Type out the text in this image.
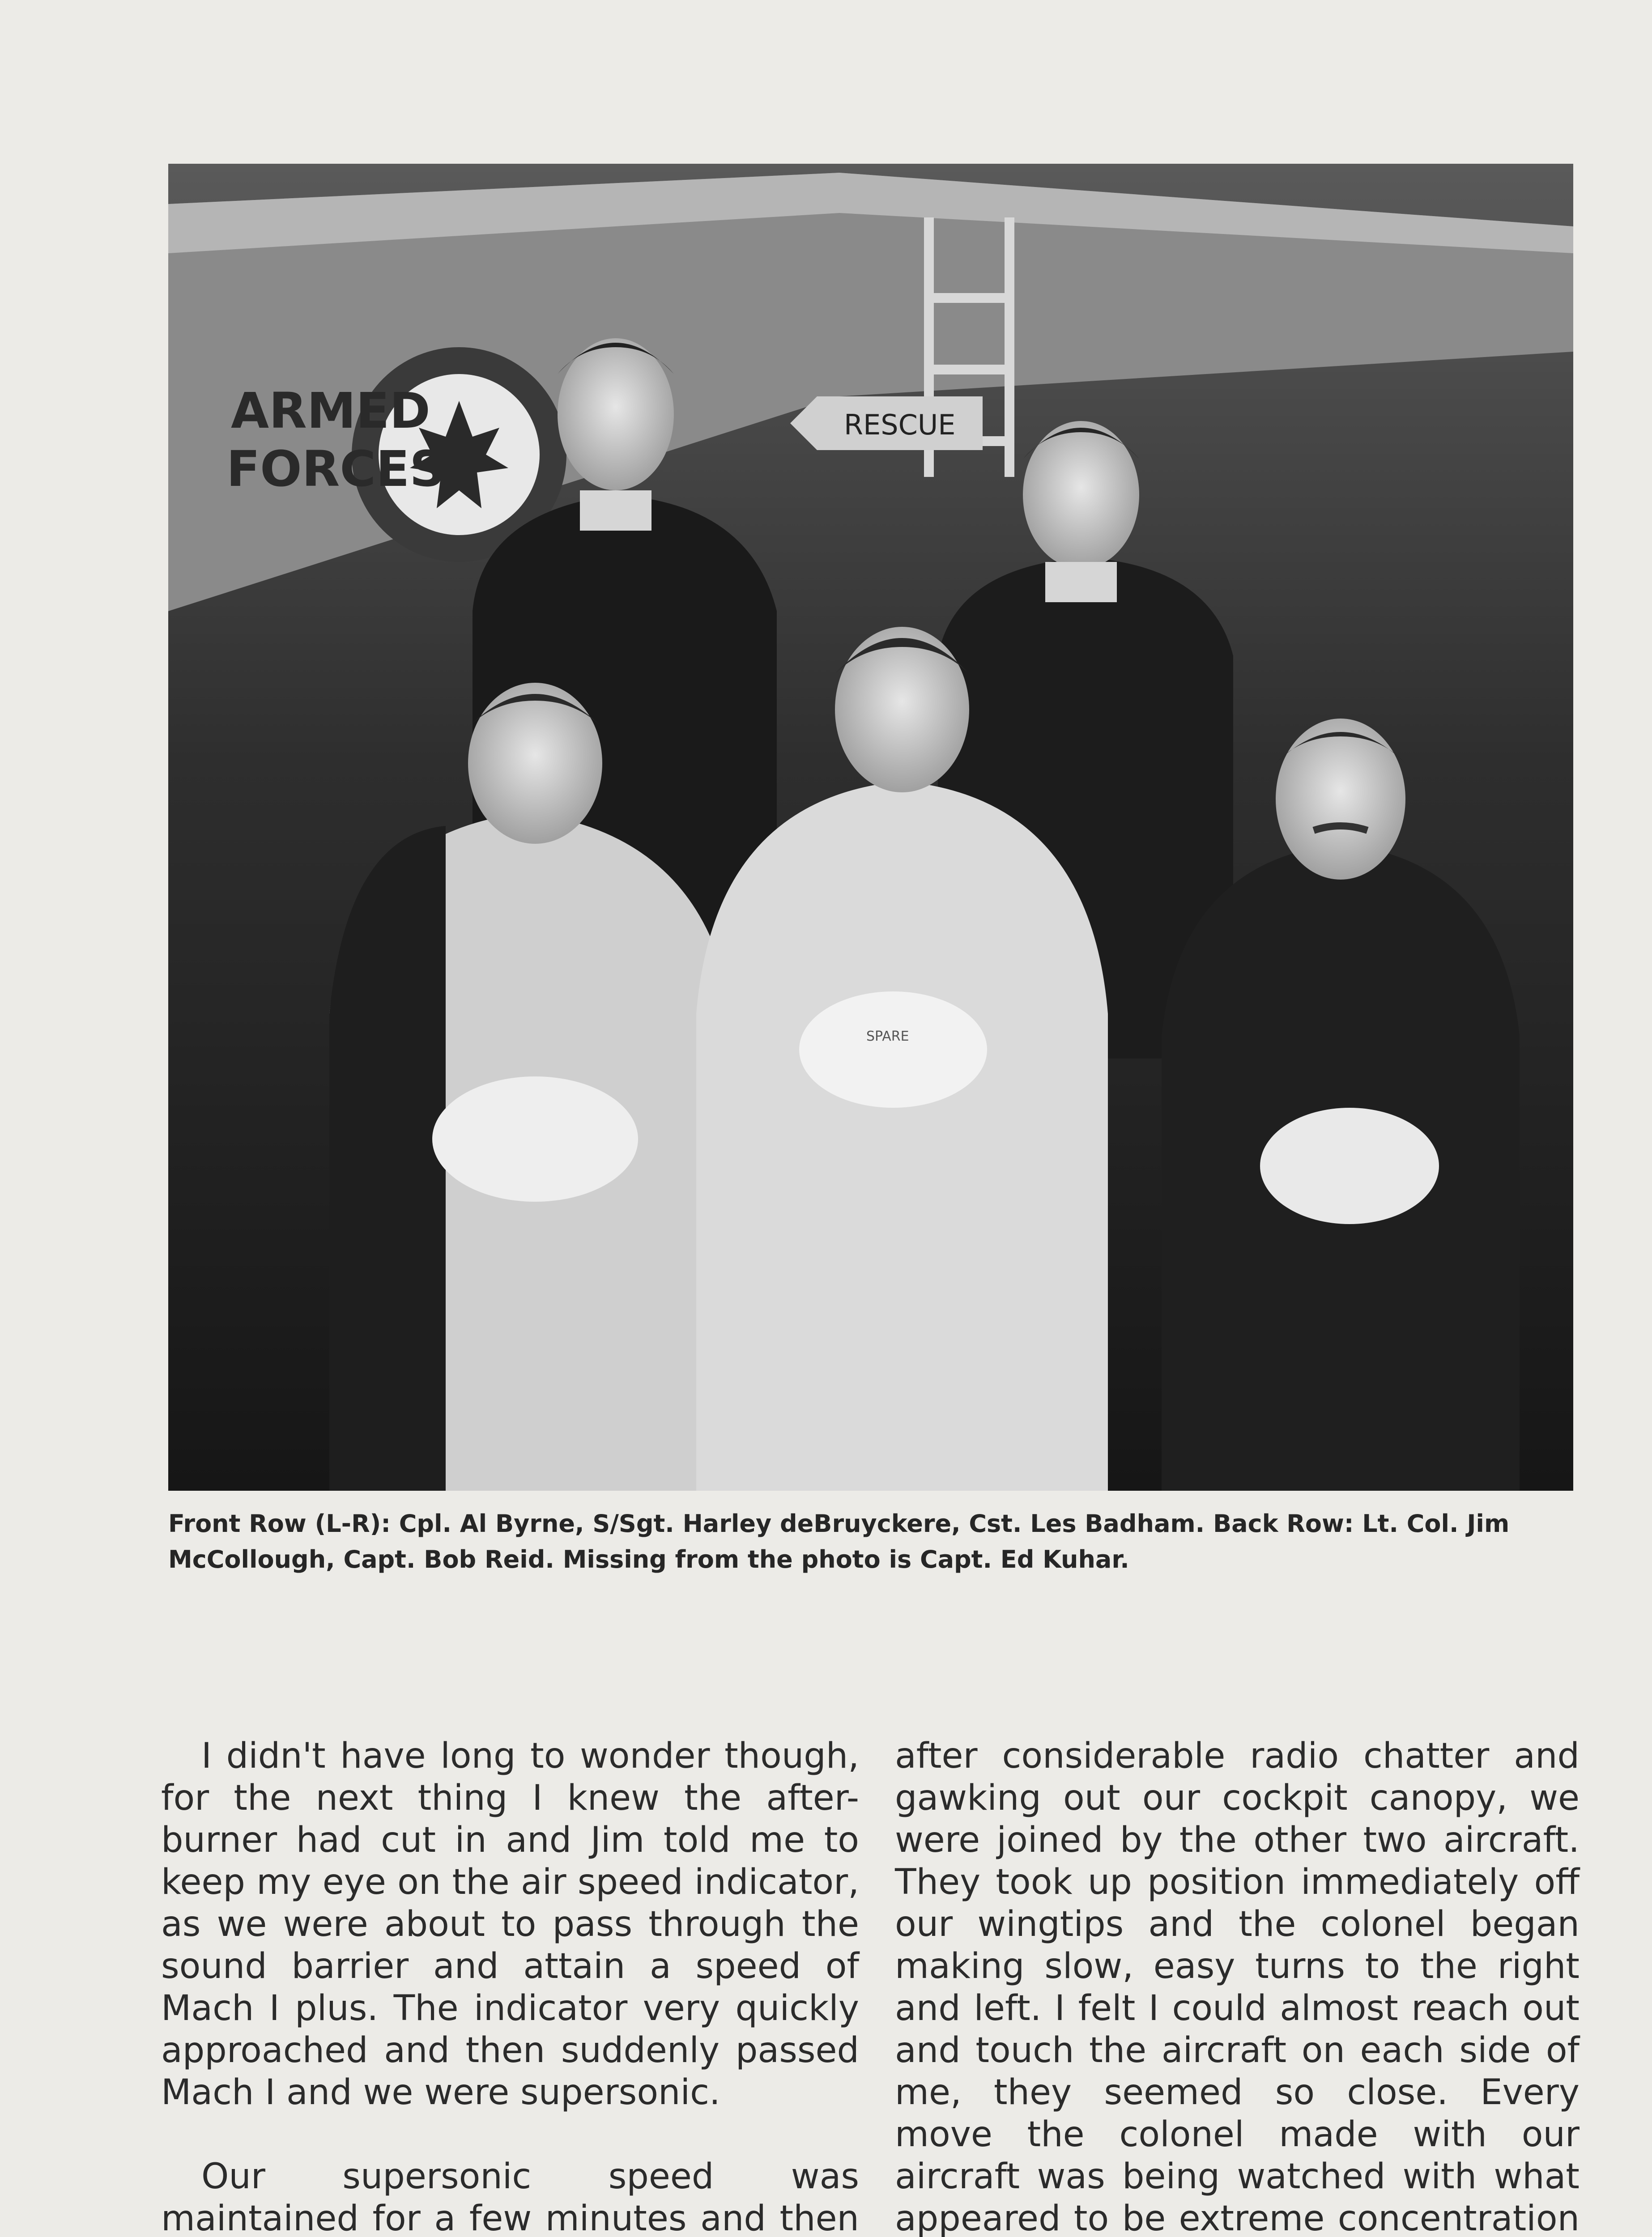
ARMED
FORCES
RESCUE
SPARE

Front Row (L-R): Cpl. Al Byrne, S/Sgt. Harley deBruyckere, Cst. Les Badham. Back Row: Lt. Col. Jim McCollough, Capt. Bob Reid. Missing from the photo is Capt. Ed Kuhar.

I didn't have long to wonder though, for the next thing I knew the after-burner had cut in and Jim told me to keep my eye on the air speed indicator, as we were about to pass through the sound barrier and attain a speed of Mach I plus. The indicator very quickly approached and then suddenly passed Mach I and we were supersonic.

Our supersonic speed was maintained for a few minutes and then

after considerable radio chatter and gawking out our cockpit canopy, we were joined by the other two aircraft. They took up position immediately off our wingtips and the colonel began making slow, easy turns to the right and left. I felt I could almost reach out and touch the aircraft on each side of me, they seemed so close. Every move the colonel made with our aircraft was being watched with what appeared to be extreme concentration
